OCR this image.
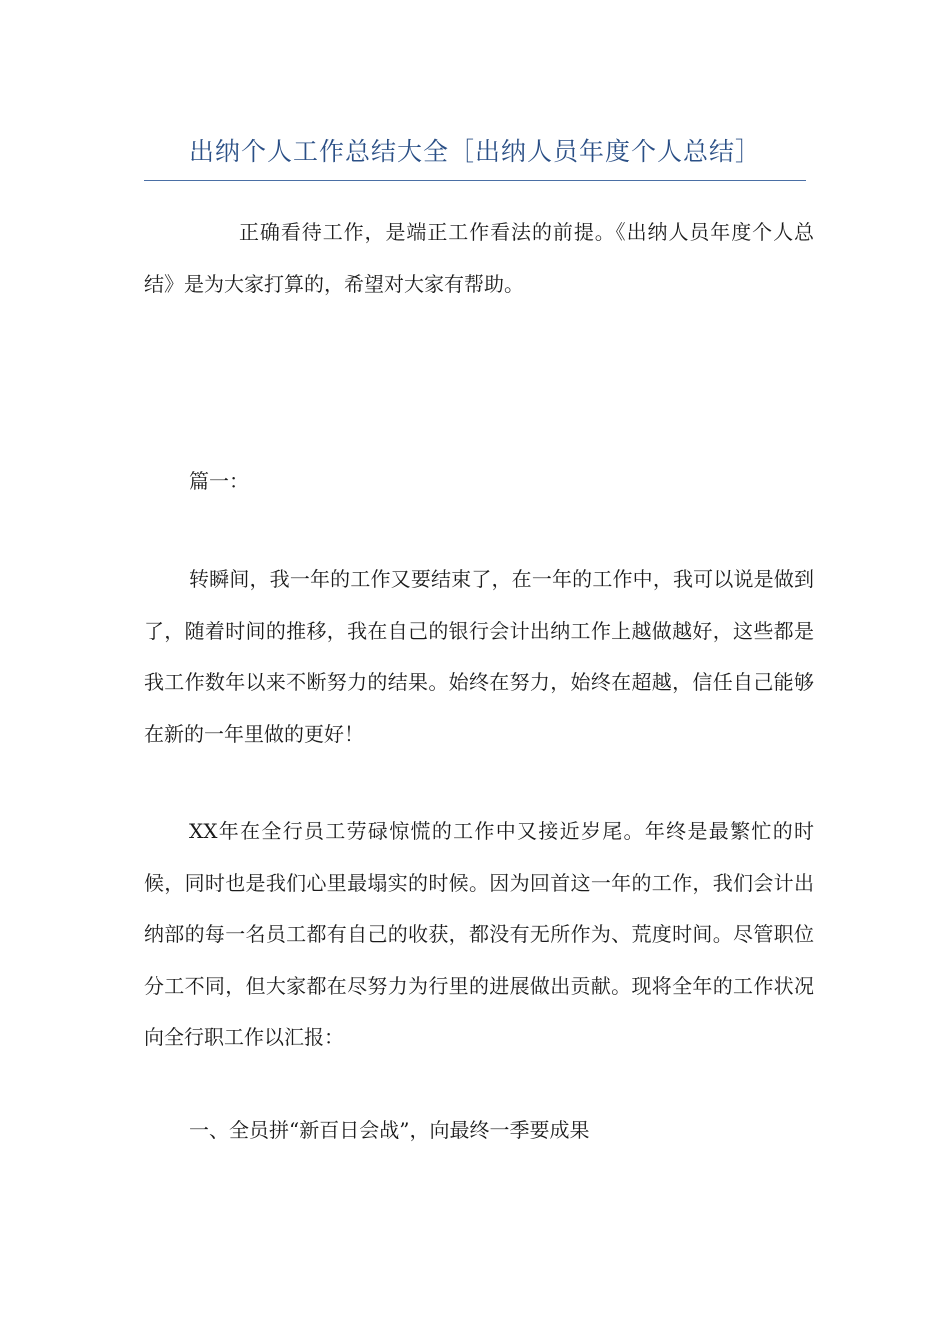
出纳个人工作总结大全［出纳人员年度个人总结］

正确看待工作，是端正工作看法的前提。《出纳人员年度个人总结》是为大家打算的，希望对大家有帮助。

篇一：

转瞬间，我一年的工作又要结束了，在一年的工作中，我可以说是做到了，随着时间的推移，我在自己的银行会计出纳工作上越做越好，这些都是我工作数年以来不断努力的结果。始终在努力，始终在超越，信任自己能够在新的一年里做的更好！

XX年在全行员工劳碌惊慌的工作中又接近岁尾。年终是最繁忙的时候，同时也是我们心里最塌实的时候。因为回首这一年的工作，我们会计出纳部的每一名员工都有自己的收获，都没有无所作为、荒度时间。尽管职位分工不同，但大家都在尽努力为行里的进展做出贡献。现将全年的工作状况向全行职工作以汇报：

一、全员拼“新百日会战”，向最终一季要成果
